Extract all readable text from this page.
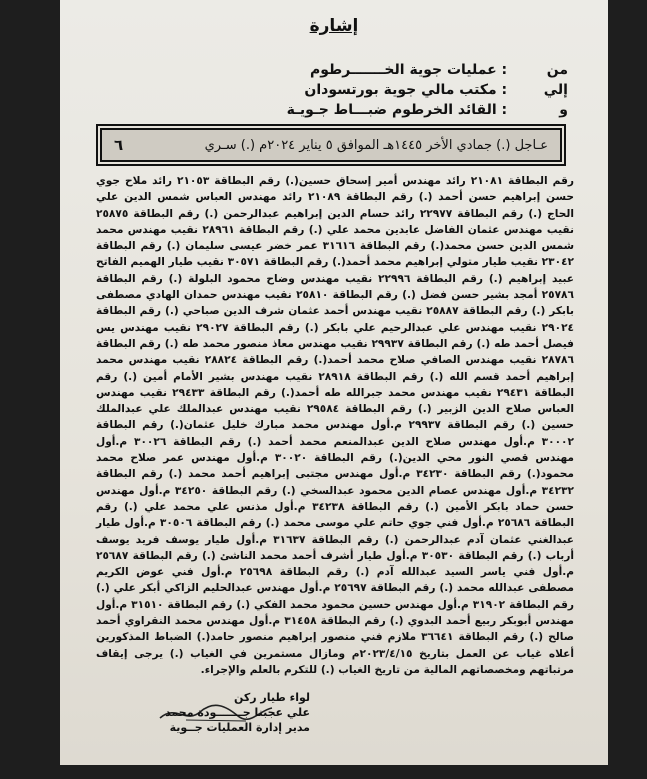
إشارة
من : عمليات جوية الخـــــــرطوم
إلي : مكتب مالي جوية بورتسودان
و : القائد الخرطوم ضبـــاط جـويـة
عـاجل (.) جمادي الأخر ١٤٤٥هـ الموافق ٥ يناير ٢٠٢٤م (.) سـري
٦
رقم البطاقة ٢١٠٨١ رائد مهندس أمير إسحاق حسين(.) رقم البطاقة ٢١٠٥٣ رائد ملاح جوي حسن إبراهيم حسن أحمد (.) رقم البطاقة ٢١٠٨٩ رائد مهندس العباس شمس الدين علي الحاج (.) رقم البطاقة ٢٢٩٧٧ رائد حسام الدين إبراهيم عبدالرحمن (.) رقم البطاقة ٢٥٨٧٥ نقيب مهندس عثمان الفاضل عابدين محمد علي (.) رقم البطاقة ٢٨٩٦١ نقيب مهندس محمد شمس الدين حسن محمد(.) رقم البطاقة ٣١٦١٦ عمر خضر عيسى سليمان (.) رقم البطاقة ٢٣٠٤٢ نقيب طيار متولي إبراهيم محمد أحمد(.) رقم البطاقة ٣٠٥٧١ نقيب طيار الهميم الفاتح عبيد إبراهيم (.) رقم البطاقة ٢٢٩٩٦ نقيب مهندس وضاح محمود البلولة (.) رقم البطاقة ٢٥٧٨٦ أمجد بشير حسن فضل (.) رقم البطاقة ٢٥٨١٠ نقيب مهندس حمدان الهادي مصطفى بابكر (.) رقم البطاقة ٢٥٨٨٧ نقيب مهندس أحمد عثمان شرف الدين صباحي (.) رقم البطاقة ٢٩٠٢٤ نقيب مهندس علي عبدالرحيم علي بابكر (.) رقم البطاقة ٢٩٠٢٧ نقيب مهندس يس فيصل أحمد طه (.) رقم البطاقة ٢٩٩٣٧ نقيب مهندس معاذ منصور محمد طه (.) رقم البطاقة ٢٨٧٨٦ نقيب مهندس الصافي صلاح محمد أحمد(.) رقم البطاقة ٢٨٨٢٤ نقيب مهندس محمد إبراهيم أحمد قسم الله (.) رقم البطاقة ٢٨٩١٨ نقيب مهندس بشير الأمام أمين (.) رقم البطاقة ٢٩٤٣١ نقيب مهندس محمد جبرالله طه أحمد(.) رقم البطاقة ٢٩٤٣٣ نقيب مهندس العباس صلاح الدين الزبير (.) رقم البطاقة ٢٩٥٨٤ نقيب مهندس عبدالملك علي عبدالملك حسين (.) رقم البطاقة ٢٩٩٣٧ م.أول مهندس محمد مبارك خليل عثمان(.) رقم البطاقة ٣٠٠٠٢ م.أول مهندس صلاح الدين عبدالمنعم محمد أحمد (.) رقم البطاقة ٣٠٠٢٦ م.أول مهندس قصي النور محي الدين(.) رقم البطاقة ٣٠٠٢٠ م.أول مهندس عمر صلاح محمد محمود(.) رقم البطاقة ٣٤٢٣٠ م.أول مهندس مجتبى إبراهيم أحمد محمد (.) رقم البطاقة ٣٤٢٣٢ م.أول مهندس عصام الدين محمود عبدالسخي (.) رقم البطاقة ٣٤٢٥٠ م.أول مهندس حسن حماد بابكر الأمين (.) رقم البطاقة ٣٤٢٣٨ م.أول مذنس علي محمد علي (.) رقم البطاقة ٢٥٦٨٦ م.أول فني جوي حاتم علي موسى محمد (.) رقم البطاقة ٣٠٥٠٦ م.أول طيار عبدالغني عثمان آدم عبدالرحمن (.) رقم البطاقة ٣١٦٣٧ م.أول طيار يوسف فريد يوسف أرباب (.) رقم البطاقة ٣٠٥٣٠ م.أول طيار أشرف أحمد محمد الناشئ (.) رقم البطاقة ٢٥٦٨٧ م.أول فني ياسر السيد عبدالله آدم (.) رقم البطاقة ٢٥٦٩٨ م.أول فني عوض الكريم مصطفى عبدالله محمد (.) رقم البطاقة ٢٥٦٩٧ م.أول مهندس عبدالحليم الزاكي أبكر علي (.) رقم البطاقة ٣١٩٠٢ م.أول مهندس حسين محمود محمد الفكي (.) رقم البطاقة ٣١٥١٠ م.أول مهندس أبوبكر ربيع أحمد البدوي (.) رقم البطاقة ٣١٤٥٨ م.أول مهندس محمد النقراوي أحمد صالح (.) رقم البطاقة ٣٦٦٤١ ملازم فني منصور إبراهيم منصور حامد(.) الضباط المذكورين أعلاه غياب عن العمل بتاريخ ٢٠٢٣/٤/١٥م ومازال مستمرين في الغياب (.) يرجى إيقاف مرتباتهم ومخصصاتهم المالية من تاريخ الغياب (.) للتكرم بالعلم والإجراء.
لواء طيار ركن
علي عجبنا جـــــــودة محمد
مدير إدارة العمليات جــوية
